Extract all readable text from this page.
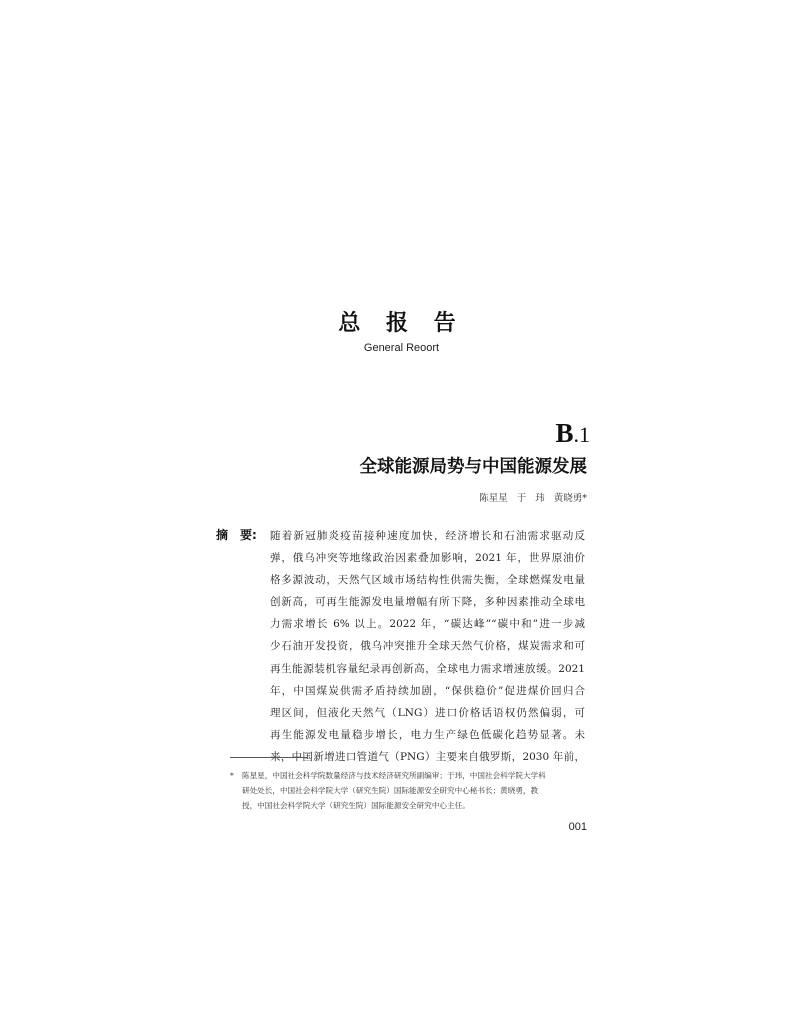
总 报 告
General Reoort
B.1
全球能源局势与中国能源发展
陈星星 于 玮 黄晓勇*
摘　要: 随着新冠肺炎疫苗接种速度加快，经济增长和石油需求驱动反
弹，俄乌冲突等地缘政治因素叠加影响，2021 年，世界原油价
格多源波动，天然气区域市场结构性供需失衡，全球燃煤发电量
创新高，可再生能源发电量增幅有所下降，多种因素推动全球电
力需求增长 6% 以上。2022 年，“碳达峰”“碳中和”进一步减
少石油开发投资，俄乌冲突推升全球天然气价格，煤炭需求和可
再生能源装机容量纪录再创新高，全球电力需求增速放缓。2021
年，中国煤炭供需矛盾持续加剧，“保供稳价”促进煤价回归合
理区间，但液化天然气（LNG）进口价格话语权仍然偏弱，可
再生能源发电量稳步增长，电力生产绿色低碳化趋势显著。未
来，中国新增进口管道气（PNG）主要来自俄罗斯，2030 年前，
* 陈星星，中国社会科学院数量经济与技术经济研究所副编审；于玮，中国社会科学院大学科
研处处长，中国社会科学院大学（研究生院）国际能源安全研究中心秘书长；黄晓勇，教
授，中国社会科学院大学（研究生院）国际能源安全研究中心主任。
001
